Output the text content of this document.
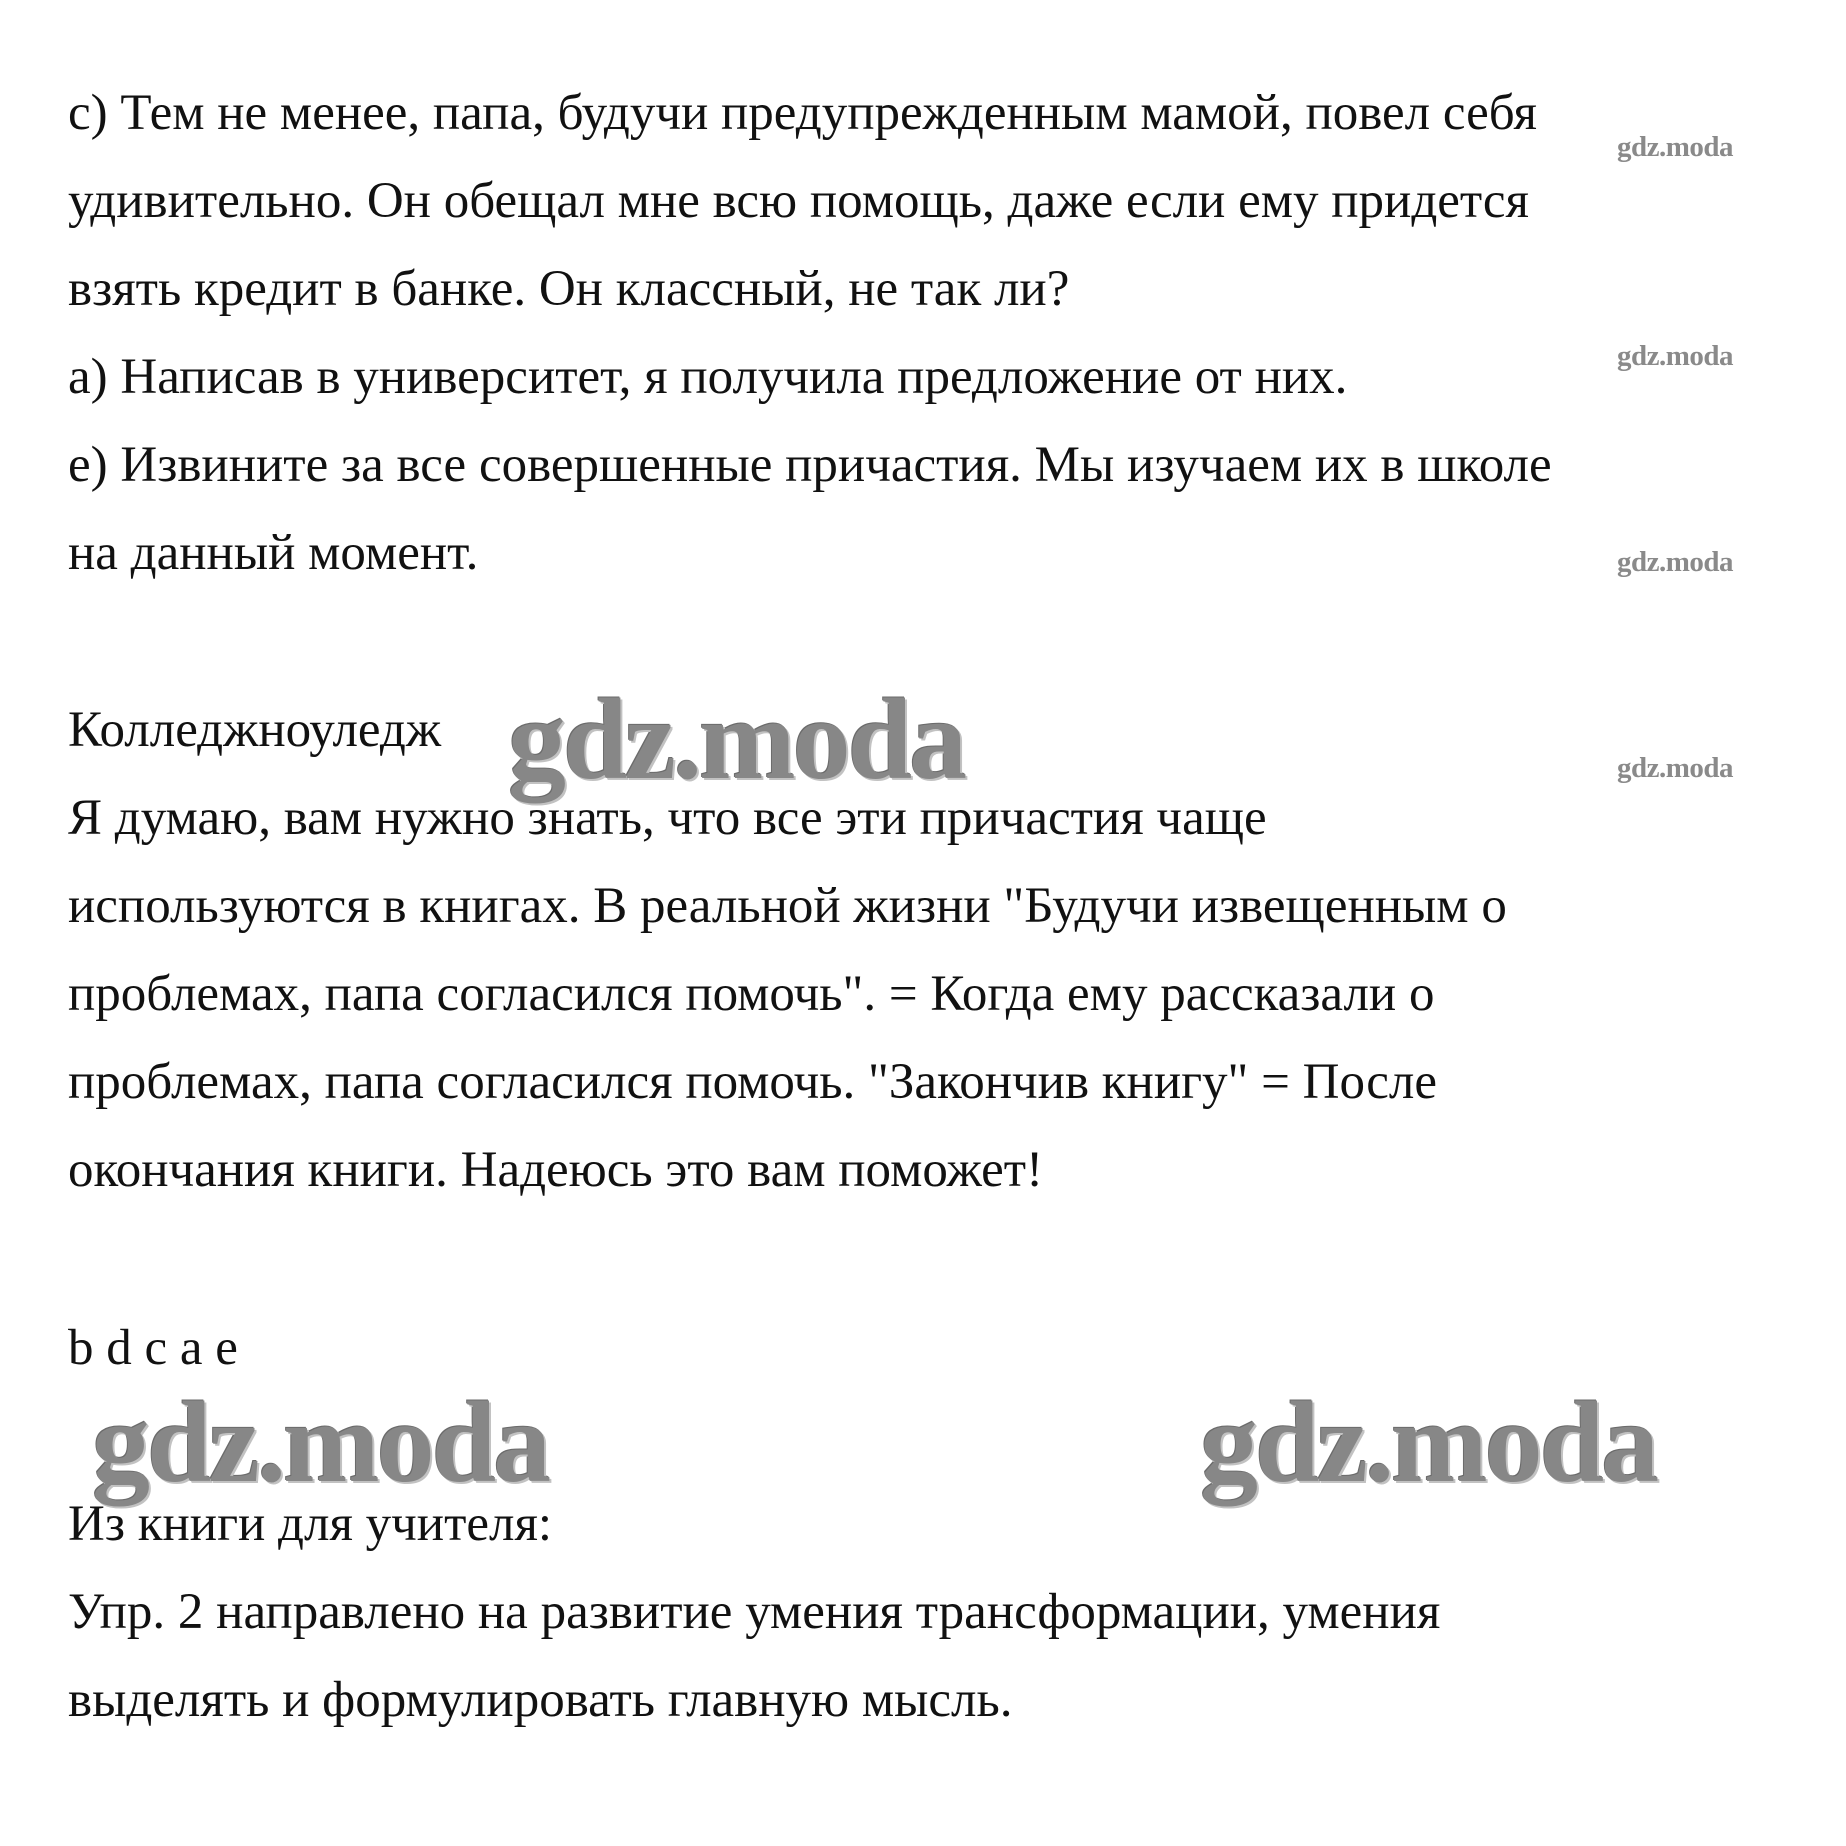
c) Тем не менее, папа, будучи предупрежденным мамой, повел себя
удивительно. Он обещал мне всю помощь, даже если ему придется
взять кредит в банке. Он классный, не так ли?
а) Написав в университет, я получила предложение от них.
е) Извините за все совершенные причастия. Мы изучаем их в школе
на данный момент.
Колледжноуледж
Я думаю, вам нужно знать, что все эти причастия чаще
используются в книгах. В реальной жизни "Будучи извещенным о
проблемах, папа согласился помочь". = Когда ему рассказали о
проблемах, папа согласился помочь. "Закончив книгу" = После
окончания книги. Надеюсь это вам поможет!
b d c a e
Из книги для учителя:
Упр. 2 направлено на развитие умения трансформации, умения
выделять и формулировать главную мысль.
gdz.moda
gdz.moda
gdz.moda
gdz.moda
gdz.moda
gdz.moda	gdz.moda
